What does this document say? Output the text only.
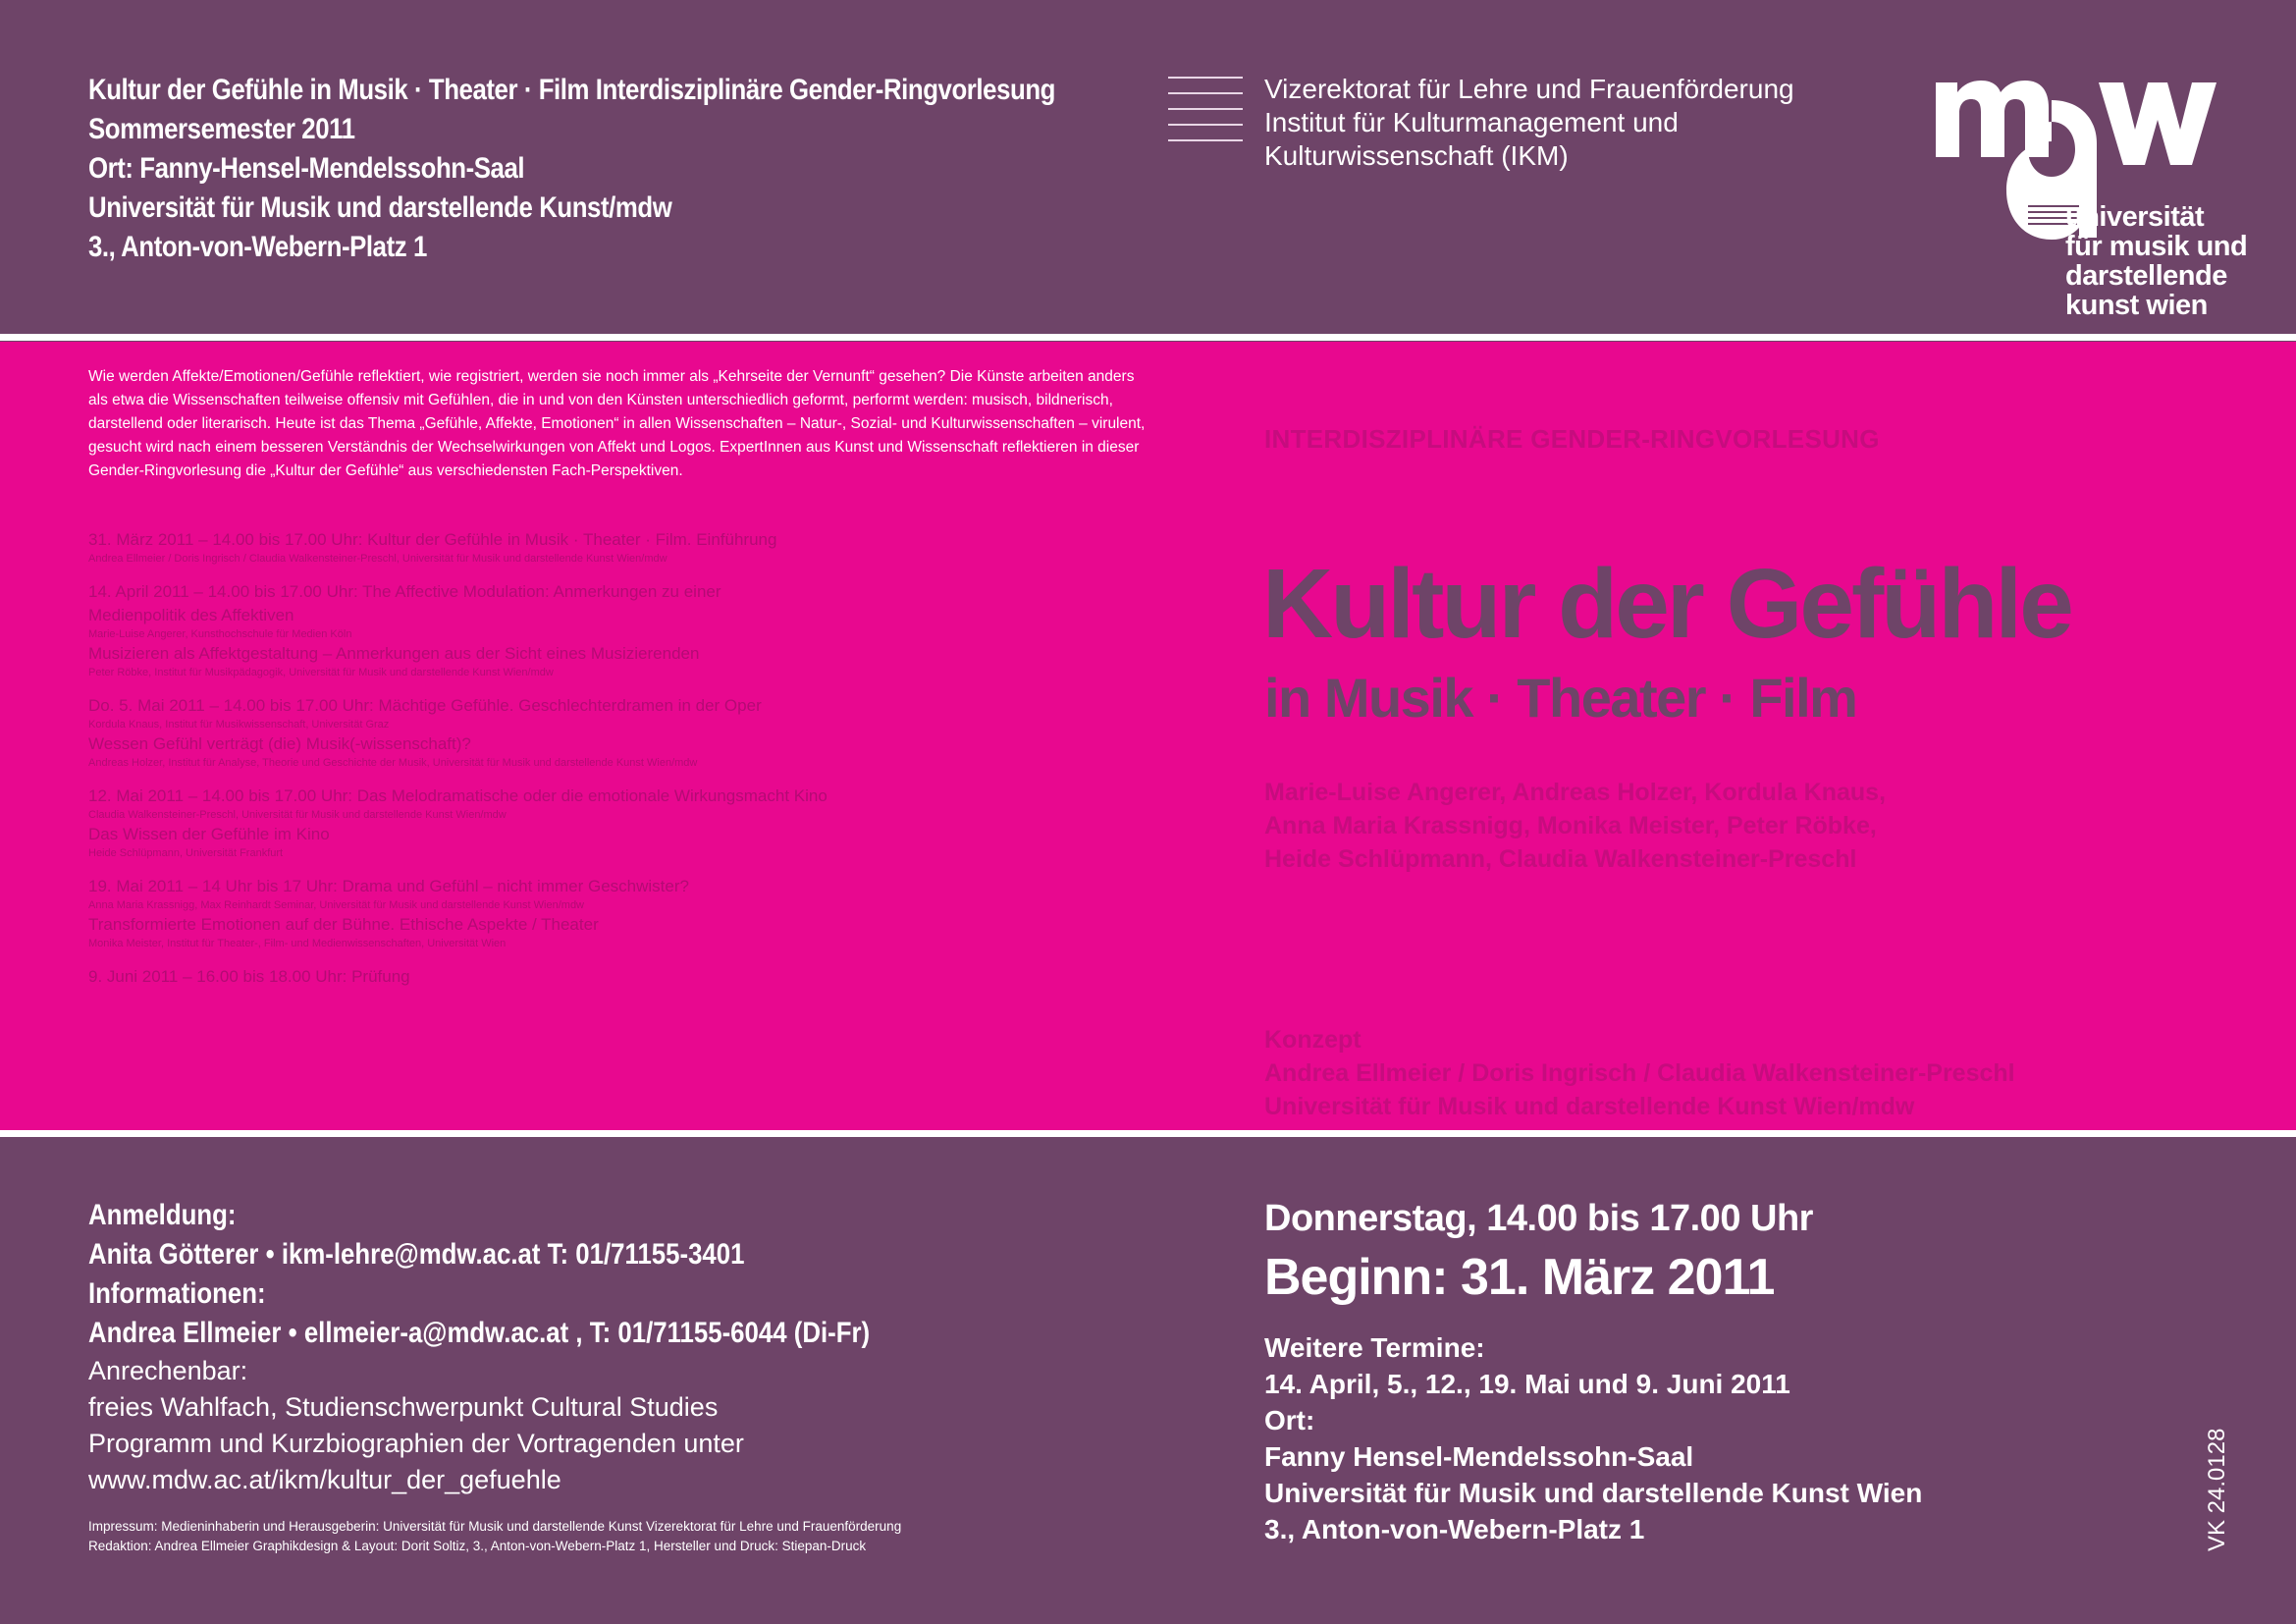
Kultur der Gefühle in Musik · Theater · Film Interdisziplinäre Gender-Ringvorlesung
Sommersemester 2011
Ort: Fanny-Hensel-Mendelssohn-Saal
Universität für Musik und darstellende Kunst/mdw
3., Anton-von-Webern-Platz 1
Vizerektorat für Lehre und Frauenförderung
Institut für Kulturmanagement und
Kulturwissenschaft (IKM)
universität
für musik und
darstellende
kunst wien
Wie werden Affekte/Emotionen/Gefühle reflektiert, wie registriert, werden sie noch immer als „Kehrseite der Vernunft“ gesehen? Die Künste arbeiten anders als etwa die Wissenschaften teilweise offensiv mit Gefühlen, die in und von den Künsten unterschiedlich geformt, performt werden: musisch, bildnerisch, darstellend oder literarisch. Heute ist das Thema „Gefühle, Affekte, Emotionen“ in allen Wissenschaften – Natur-, Sozial- und Kulturwissenschaften – virulent, gesucht wird nach einem besseren Verständnis der Wechselwirkungen von Affekt und Logos. ExpertInnen aus Kunst und Wissenschaft reflektieren in dieser Gender-Ringvorlesung die „Kultur der Gefühle“ aus verschiedensten Fach-Perspektiven.
31. März 2011 – 14.00 bis 17.00 Uhr: Kultur der Gefühle in Musik · Theater · Film. Einführung
Andrea Ellmeier / Doris Ingrisch / Claudia Walkensteiner-Preschl, Universität für Musik und darstellende Kunst Wien/mdw
14. April 2011 – 14.00 bis 17.00 Uhr: The Affective Modulation: Anmerkungen zu einer
Medienpolitik des Affektiven
Marie-Luise Angerer, Kunsthochschule für Medien Köln
Musizieren als Affektgestaltung – Anmerkungen aus der Sicht eines Musizierenden
Peter Röbke, Institut für Musikpädagogik, Universität für Musik und darstellende Kunst Wien/mdw
Do. 5. Mai 2011 – 14.00 bis 17.00 Uhr: Mächtige Gefühle. Geschlechterdramen in der Oper
Kordula Knaus, Institut für Musikwissenschaft, Universität Graz
Wessen Gefühl verträgt (die) Musik(-wissenschaft)?
Andreas Holzer, Institut für Analyse, Theorie und Geschichte der Musik, Universität für Musik und darstellende Kunst Wien/mdw
12. Mai 2011 – 14.00 bis 17.00 Uhr: Das Melodramatische oder die emotionale Wirkungsmacht Kino
Claudia Walkensteiner-Preschl, Universität für Musik und darstellende Kunst Wien/mdw
Das Wissen der Gefühle im Kino
Heide Schlüpmann, Universität Frankfurt
19. Mai 2011 – 14 Uhr bis 17 Uhr: Drama und Gefühl – nicht immer Geschwister?
Anna Maria Krassnigg, Max Reinhardt Seminar, Universität für Musik und darstellende Kunst Wien/mdw
Transformierte Emotionen auf der Bühne. Ethische Aspekte / Theater
Monika Meister, Institut für Theater-, Film- und Medienwissenschaften, Universität Wien
9. Juni 2011 – 16.00 bis 18.00 Uhr: Prüfung
INTERDISZIPLINÄRE GENDER-RINGVORLESUNG
Kultur der Gefühle
in Musik · Theater · Film
Marie-Luise Angerer, Andreas Holzer, Kordula Knaus,
Anna Maria Krassnigg, Monika Meister, Peter Röbke,
Heide Schlüpmann, Claudia Walkensteiner-Preschl
Konzept
Andrea Ellmeier / Doris Ingrisch / Claudia Walkensteiner-Preschl
Universität für Musik und darstellende Kunst Wien/mdw
Anmeldung:
Anita Götterer • ikm-lehre@mdw.ac.at T: 01/71155-3401
Informationen:
Andrea Ellmeier • ellmeier-a@mdw.ac.at , T: 01/71155-6044 (Di-Fr)
Anrechenbar:
freies Wahlfach, Studienschwerpunkt Cultural Studies
Programm und Kurzbiographien der Vortragenden unter
www.mdw.ac.at/ikm/kultur_der_gefuehle
Impressum: Medieninhaberin und Herausgeberin: Universität für Musik und darstellende Kunst Vizerektorat für Lehre und Frauenförderung
Redaktion: Andrea Ellmeier Graphikdesign & Layout: Dorit Soltiz, 3., Anton-von-Webern-Platz 1, Hersteller und Druck: Stiepan-Druck
Donnerstag, 14.00 bis 17.00 Uhr
Beginn: 31. März 2011
Weitere Termine:
14. April, 5., 12., 19. Mai und 9. Juni 2011
Ort:
Fanny Hensel-Mendelssohn-Saal
Universität für Musik und darstellende Kunst Wien
3., Anton-von-Webern-Platz 1	VK 24.0128
